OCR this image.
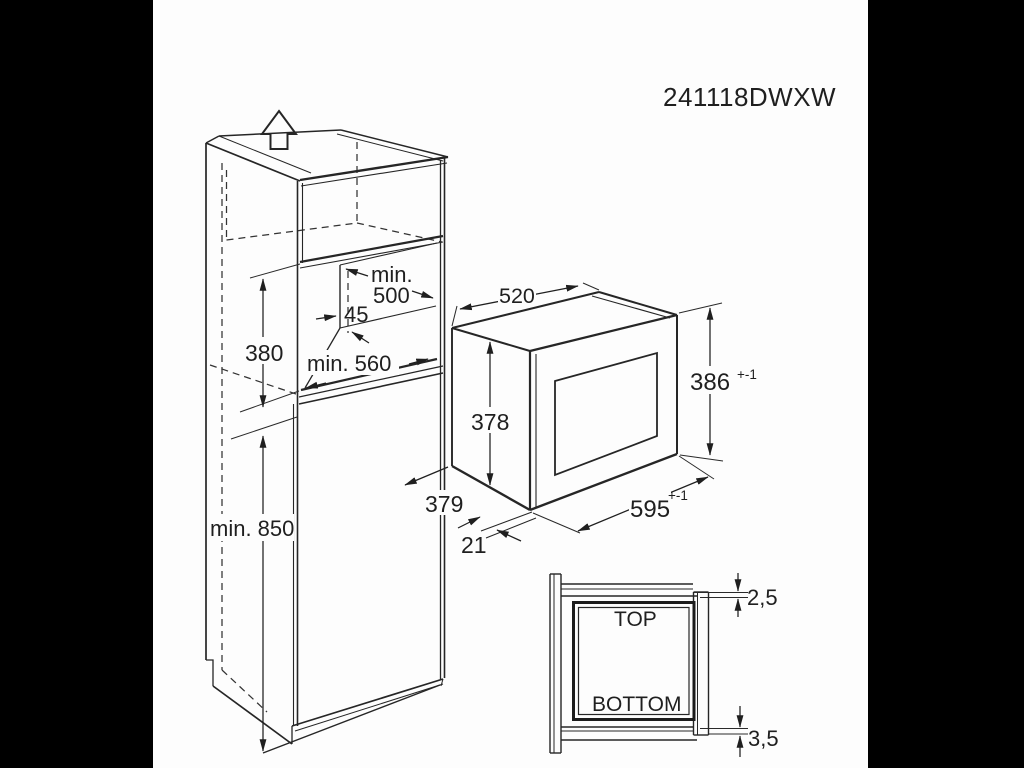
380
min. 850
min.
500
45
min. 560
520
378
386 +-1
595
+-1
379
21
TOP
BOTTOM
2,5
3,5
241118DWXW
